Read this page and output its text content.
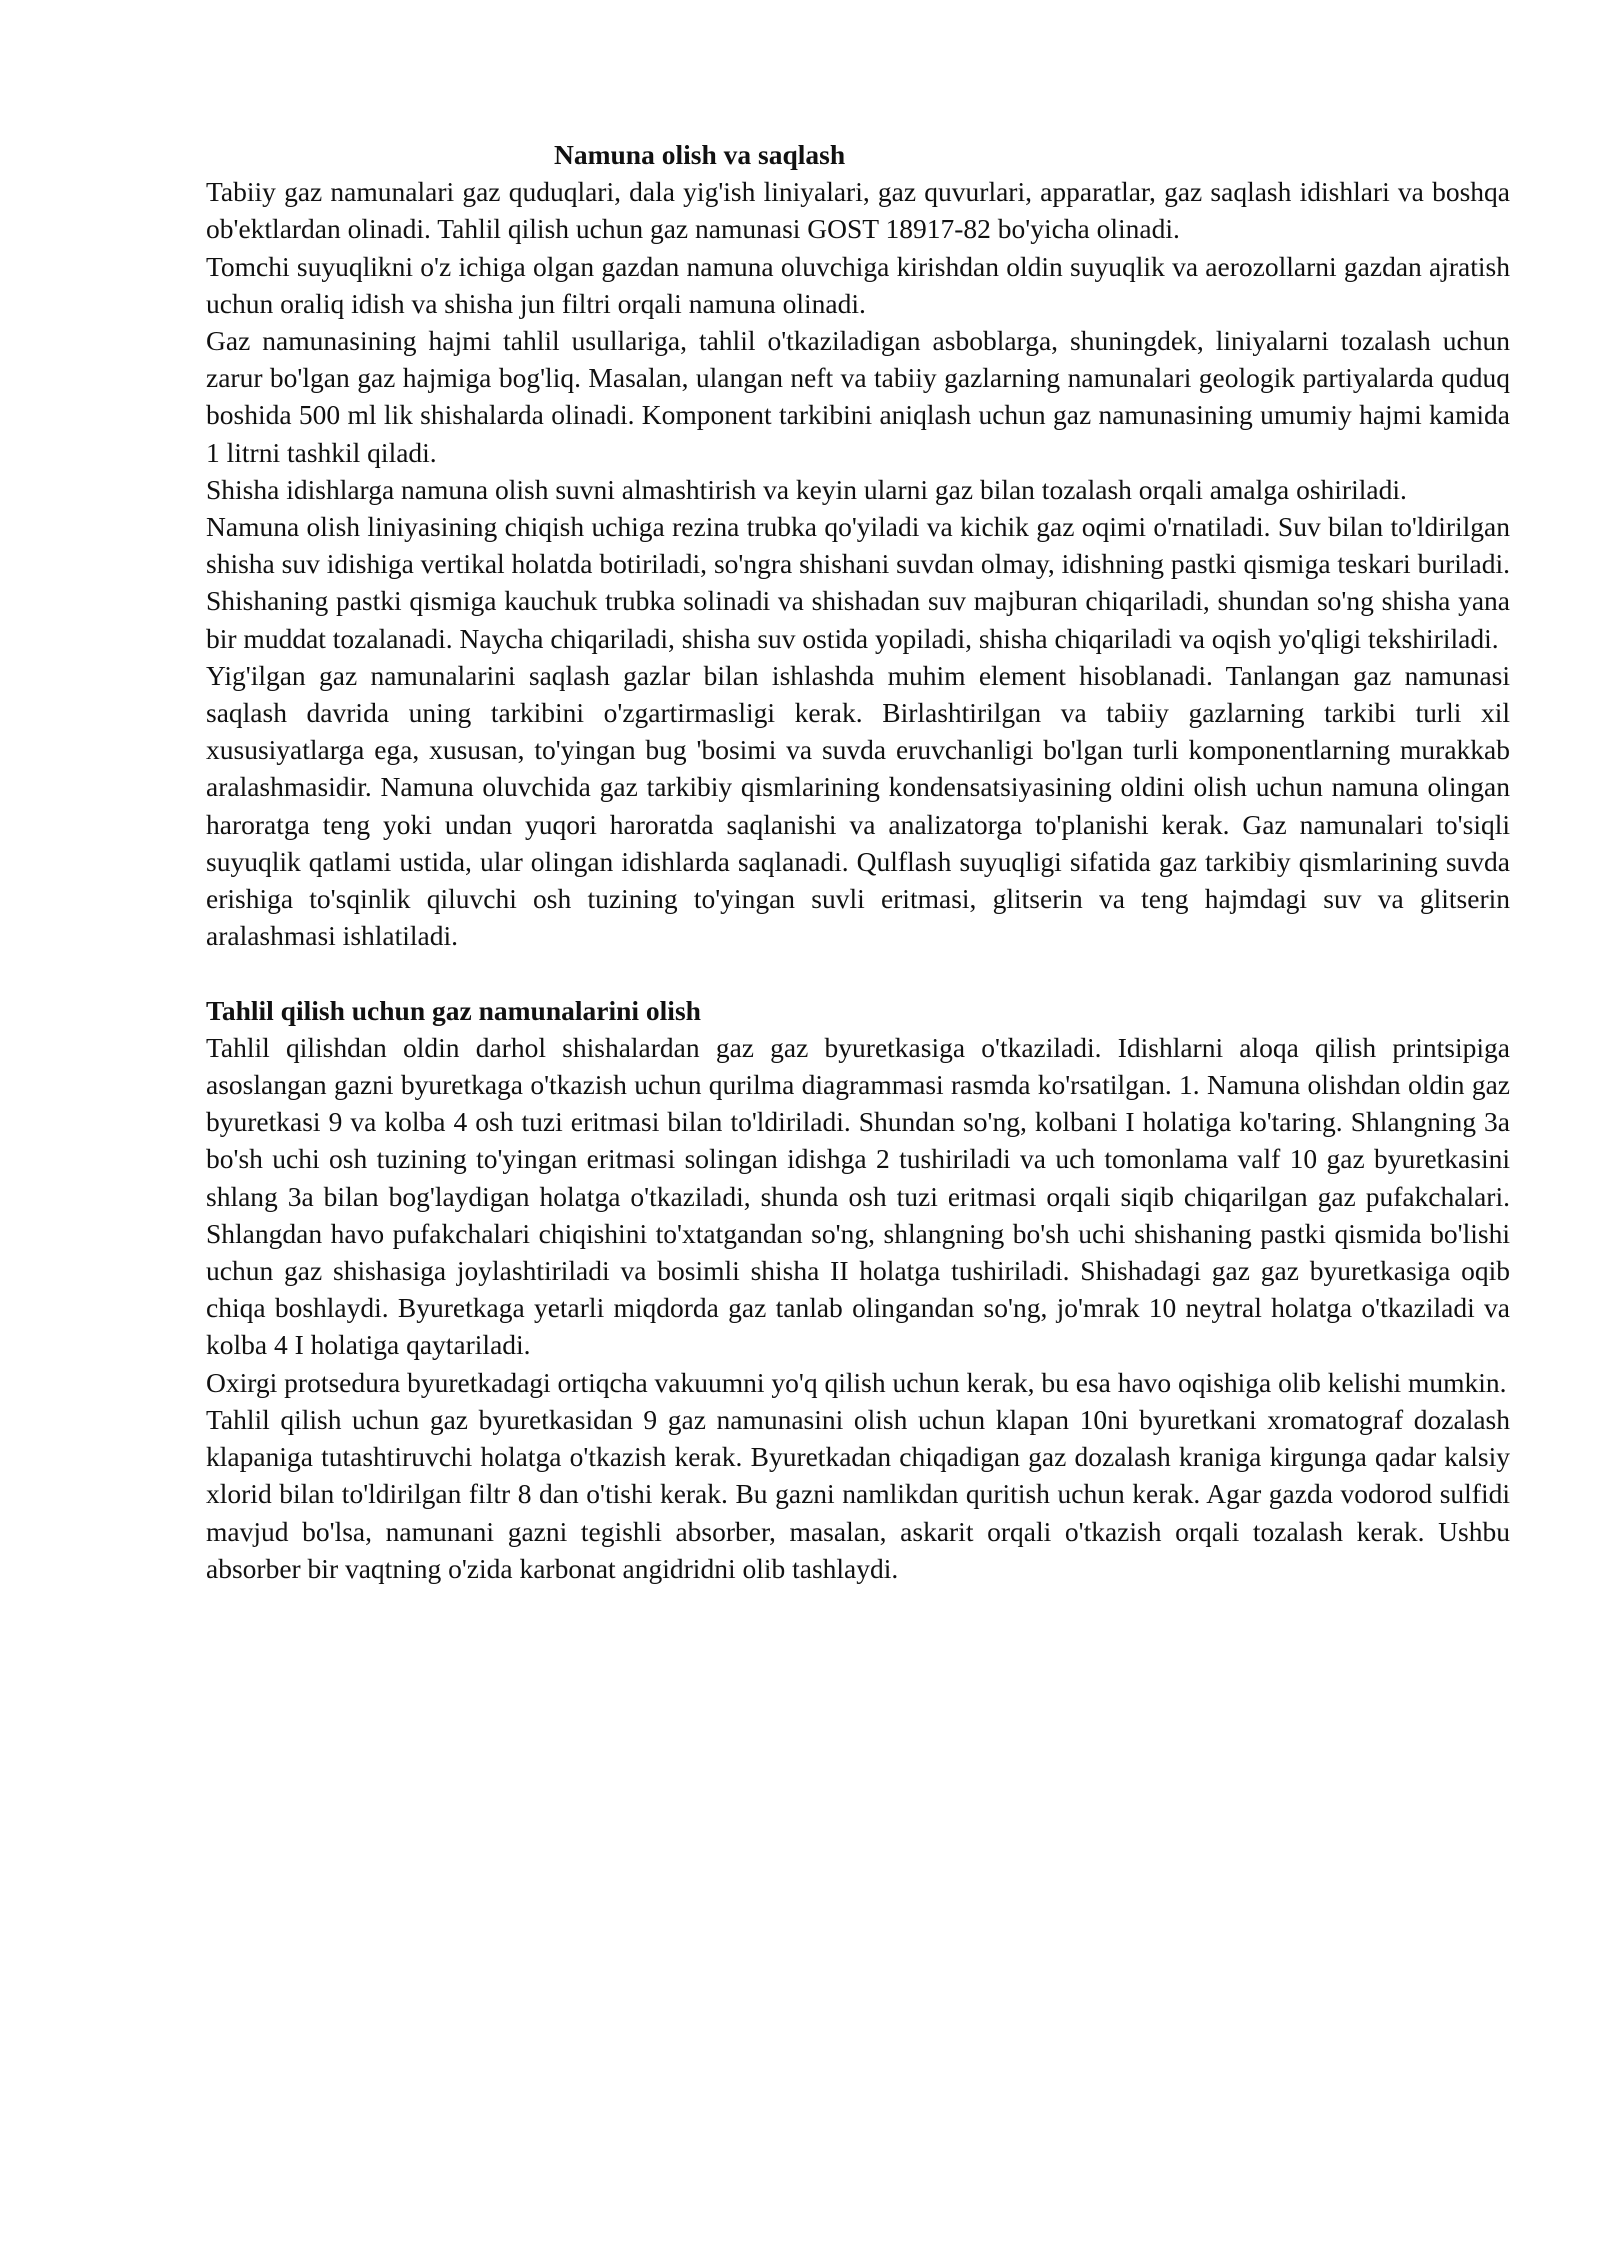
Namuna olish va saqlash

Tabiiy gaz namunalari gaz quduqlari, dala yig'ish liniyalari, gaz quvurlari, apparatlar, gaz saqlash idishlari va boshqa ob'ektlardan olinadi. Tahlil qilish uchun gaz namunasi GOST 18917-82 bo'yicha olinadi.

Tomchi suyuqlikni o'z ichiga olgan gazdan namuna oluvchiga kirishdan oldin suyuqlik va aerozollarni gazdan ajratish uchun oraliq idish va shisha jun filtri orqali namuna olinadi.

Gaz namunasining hajmi tahlil usullariga, tahlil o'tkaziladigan asboblarga, shuningdek, liniyalarni tozalash uchun zarur bo'lgan gaz hajmiga bog'liq. Masalan, ulangan neft va tabiiy gazlarning namunalari geologik partiyalarda quduq boshida 500 ml lik shishalarda olinadi. Komponent tarkibini aniqlash uchun gaz namunasining umumiy hajmi kamida 1 litrni tashkil qiladi.

Shisha idishlarga namuna olish suvni almashtirish va keyin ularni gaz bilan tozalash orqali amalga oshiriladi.

Namuna olish liniyasining chiqish uchiga rezina trubka qo'yiladi va kichik gaz oqimi o'rnatiladi. Suv bilan to'ldirilgan shisha suv idishiga vertikal holatda botiriladi, so'ngra shishani suvdan olmay, idishning pastki qismiga teskari buriladi. Shishaning pastki qismiga kauchuk trubka solinadi va shishadan suv majburan chiqariladi, shundan so'ng shisha yana bir muddat tozalanadi. Naycha chiqariladi, shisha suv ostida yopiladi, shisha chiqariladi va oqish yo'qligi tekshiriladi.

Yig'ilgan gaz namunalarini saqlash gazlar bilan ishlashda muhim element hisoblanadi. Tanlangan gaz namunasi saqlash davrida uning tarkibini o'zgartirmasligi kerak. Birlashtirilgan va tabiiy gazlarning tarkibi turli xil xususiyatlarga ega, xususan, to'yingan bug 'bosimi va suvda eruvchanligi bo'lgan turli komponentlarning murakkab aralashmasidir. Namuna oluvchida gaz tarkibiy qismlarining kondensatsiyasining oldini olish uchun namuna olingan haroratga teng yoki undan yuqori haroratda saqlanishi va analizatorga to'planishi kerak. Gaz namunalari to'siqli suyuqlik qatlami ustida, ular olingan idishlarda saqlanadi. Qulflash suyuqligi sifatida gaz tarkibiy qismlarining suvda erishiga to'sqinlik qiluvchi osh tuzining to'yingan suvli eritmasi, glitserin va teng hajmdagi suv va glitserin aralashmasi ishlatiladi.

Tahlil qilish uchun gaz namunalarini olish

Tahlil qilishdan oldin darhol shishalardan gaz gaz byuretkasiga o'tkaziladi. Idishlarni aloqa qilish printsipiga asoslangan gazni byuretkaga o'tkazish uchun qurilma diagrammasi rasmda ko'rsatilgan. 1. Namuna olishdan oldin gaz byuretkasi 9 va kolba 4 osh tuzi eritmasi bilan to'ldiriladi. Shundan so'ng, kolbani I holatiga ko'taring. Shlangning 3a bo'sh uchi osh tuzining to'yingan eritmasi solingan idishga 2 tushiriladi va uch tomonlama valf 10 gaz byuretkasini shlang 3a bilan bog'laydigan holatga o'tkaziladi, shunda osh tuzi eritmasi orqali siqib chiqarilgan gaz pufakchalari. Shlangdan havo pufakchalari chiqishini to'xtatgandan so'ng, shlangning bo'sh uchi shishaning pastki qismida bo'lishi uchun gaz shishasiga joylashtiriladi va bosimli shisha II holatga tushiriladi. Shishadagi gaz gaz byuretkasiga oqib chiqa boshlaydi. Byuretkaga yetarli miqdorda gaz tanlab olingandan so'ng, jo'mrak 10 neytral holatga o'tkaziladi va kolba 4 I holatiga qaytariladi.

Oxirgi protsedura byuretkadagi ortiqcha vakuumni yo'q qilish uchun kerak, bu esa havo oqishiga olib kelishi mumkin.

Tahlil qilish uchun gaz byuretkasidan 9 gaz namunasini olish uchun klapan 10ni byuretkani xromatograf dozalash klapaniga tutashtiruvchi holatga o'tkazish kerak. Byuretkadan chiqadigan gaz dozalash kraniga kirgunga qadar kalsiy xlorid bilan to'ldirilgan filtr 8 dan o'tishi kerak. Bu gazni namlikdan quritish uchun kerak. Agar gazda vodorod sulfidi mavjud bo'lsa, namunani gazni tegishli absorber, masalan, askarit orqali o'tkazish orqali tozalash kerak. Ushbu absorber bir vaqtning o'zida karbonat angidridni olib tashlaydi.
